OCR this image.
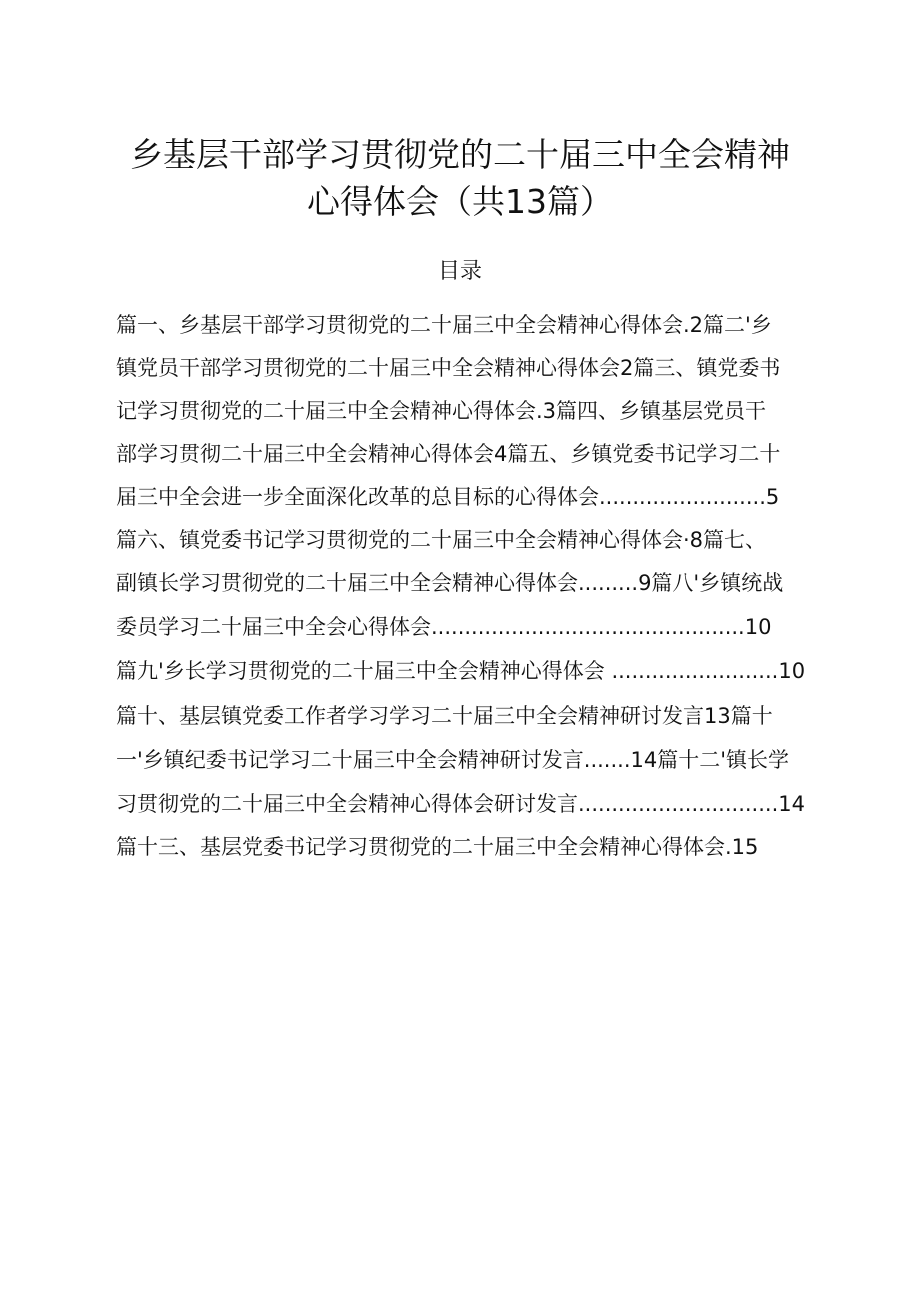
乡基层干部学习贯彻党的二十届三中全会精神
心得体会（共13篇）
目录
篇一、乡基层干部学习贯彻党的二十届三中全会精神心得体会.2篇二'乡
镇党员干部学习贯彻党的二十届三中全会精神心得体会2篇三、镇党委书
记学习贯彻党的二十届三中全会精神心得体会.3篇四、乡镇基层党员干
部学习贯彻二十届三中全会精神心得体会4篇五、乡镇党委书记学习二十
届三中全会进一步全面深化改革的总目标的心得体会.........................5
篇六、镇党委书记学习贯彻党的二十届三中全会精神心得体会·8篇七、
副镇长学习贯彻党的二十届三中全会精神心得体会.........9篇八'乡镇统战
委员学习二十届三中全会心得体会...............................................10
篇九'乡长学习贯彻党的二十届三中全会精神心得体会 .........................10
篇十、基层镇党委工作者学习学习二十届三中全会精神研讨发言13篇十
一'乡镇纪委书记学习二十届三中全会精神研讨发言.......14篇十二'镇长学
习贯彻党的二十届三中全会精神心得体会研讨发言..............................14
篇十三、基层党委书记学习贯彻党的二十届三中全会精神心得体会.15
